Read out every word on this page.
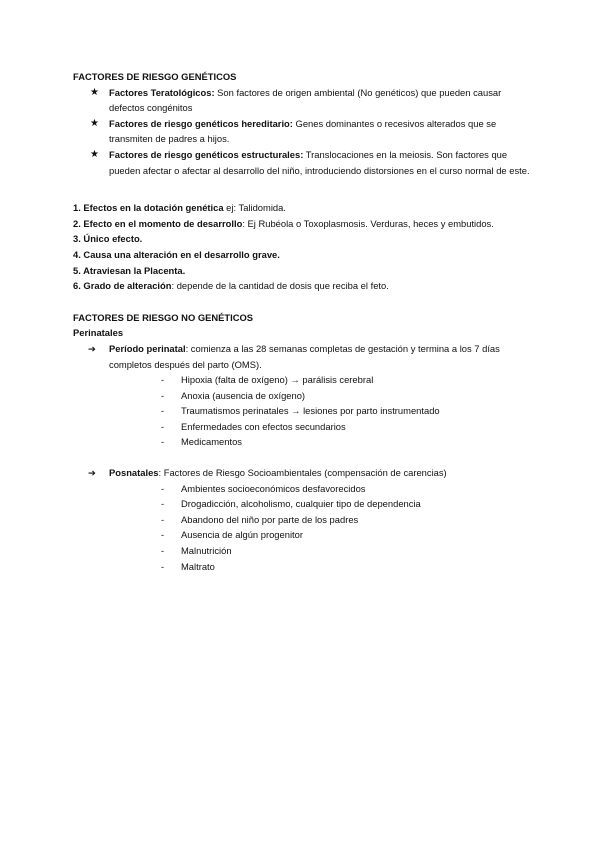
FACTORES DE RIESGO GENÉTICOS

★ Factores Teratológicos: Son factores de origen ambiental (No genéticos) que pueden causar defectos congénitos
★ Factores de riesgo genéticos hereditario: Genes dominantes o recesivos alterados que se transmiten de padres a hijos.
★ Factores de riesgo genéticos estructurales: Translocaciones en la meiosis. Son factores que pueden afectar o afectar al desarrollo del niño, introduciendo distorsiones en el curso normal de este.

1. Efectos en la dotación genética ej: Talidomida.

2. Efecto en el momento de desarrollo: Ej Rubéola o Toxoplasmosis. Verduras, heces y embutidos.

3. Único efecto.

4. Causa una alteración en el desarrollo grave.

5. Atraviesan la Placenta.

6. Grado de alteración: depende de la cantidad de dosis que reciba el feto.

FACTORES DE RIESGO NO GENÉTICOS

Perinatales
➔ Período perinatal: comienza a las 28 semanas completas de gestación y termina a los 7 días completos después del parto (OMS).
- Hipoxia (falta de oxígeno) → parálisis cerebral
- Anoxia (ausencia de oxígeno)
- Traumatismos perinatales → lesiones por parto instrumentado
- Enfermedades con efectos secundarios
- Medicamentos
➔ Posnatales: Factores de Riesgo Socioambientales (compensación de carencias)
- Ambientes socioeconómicos desfavorecidos
- Drogadicción, alcoholismo, cualquier tipo de dependencia
- Abandono del niño por parte de los padres
- Ausencia de algún progenitor
- Malnutrición
- Maltrato
